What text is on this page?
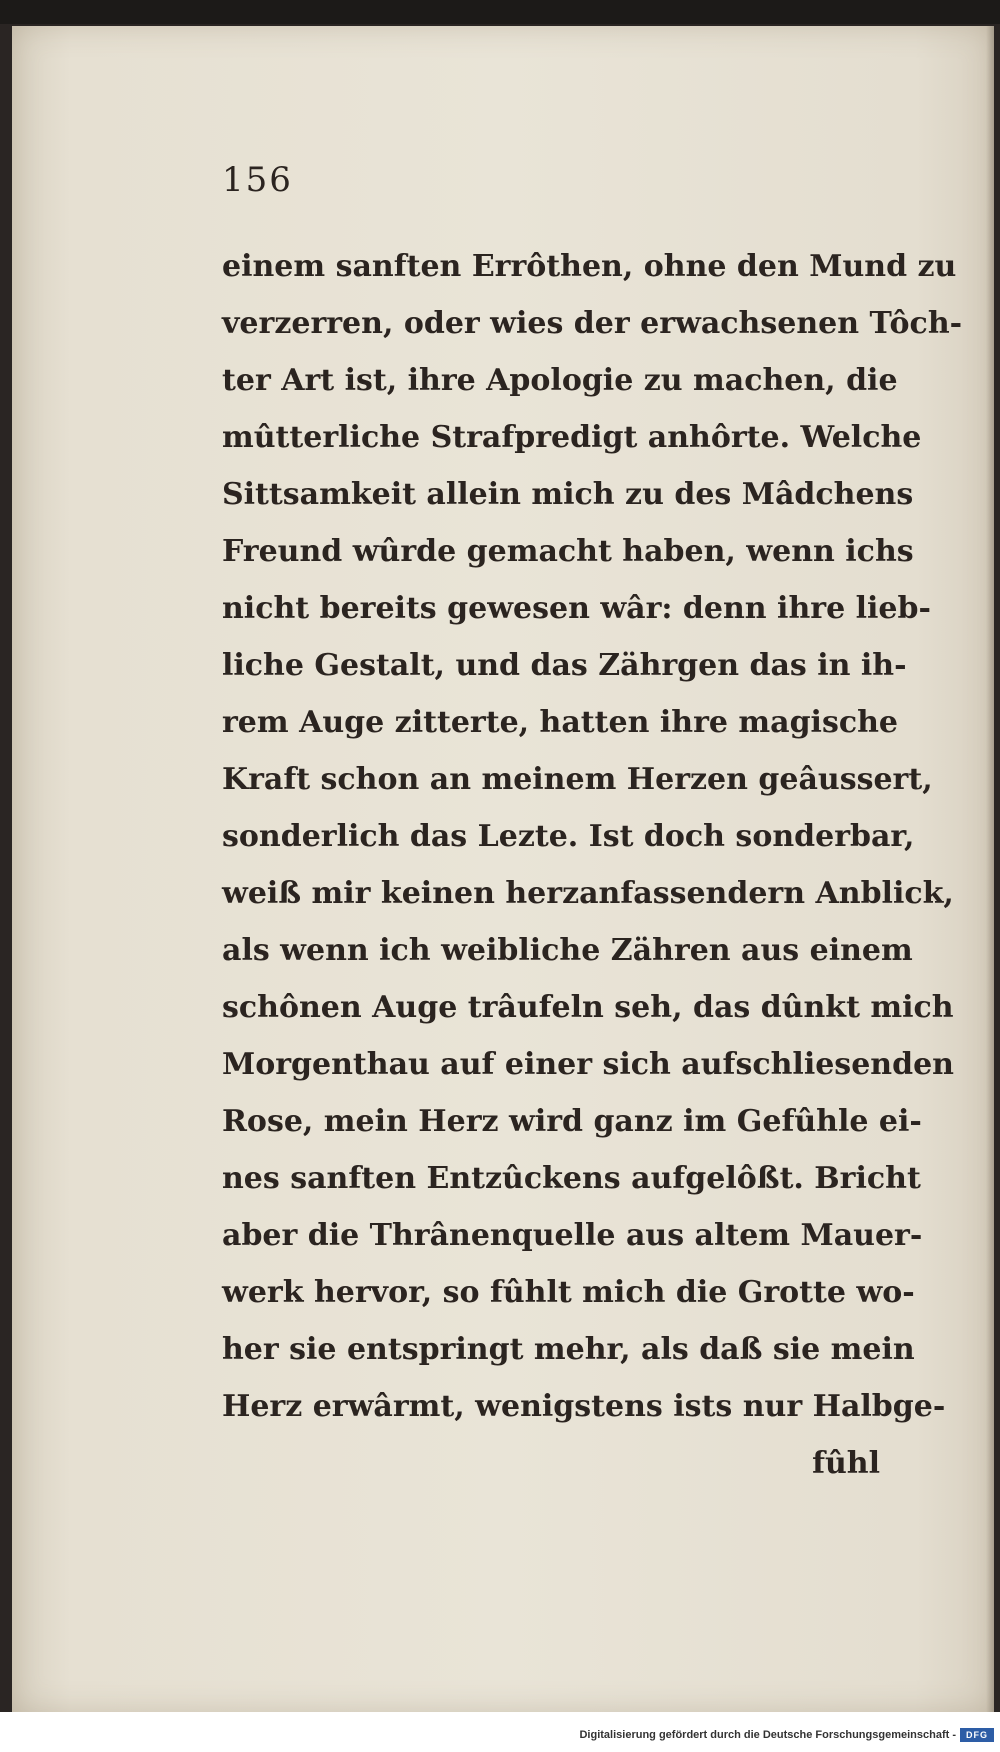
156
einem sanften Errôthen, ohne den Mund zu
verzerren, oder wies der erwachsenen Tôch-
ter Art ist, ihre Apologie zu machen, die
mûtterliche Strafpredigt anhôrte. Welche
Sittsamkeit allein mich zu des Mâdchens
Freund wûrde gemacht haben, wenn ichs
nicht bereits gewesen wâr: denn ihre lieb-
liche Gestalt, und das Zährgen das in ih-
rem Auge zitterte, hatten ihre magische
Kraft schon an meinem Herzen geâussert,
sonderlich das Lezte. Ist doch sonderbar,
weiß mir keinen herzanfassendern Anblick,
als wenn ich weibliche Zähren aus einem
schônen Auge trâufeln seh, das dûnkt mich
Morgenthau auf einer sich aufschliesenden
Rose, mein Herz wird ganz im Gefûhle ei-
nes sanften Entzûckens aufgelôßt. Bricht
aber die Thrânenquelle aus altem Mauer-
werk hervor, so fûhlt mich die Grotte wo-
her sie entspringt mehr, als daß sie mein
Herz erwârmt, wenigstens ists nur Halbge-
fûhl
Digitalisierung gefördert durch die Deutsche Forschungsgemeinschaft -	DFG
